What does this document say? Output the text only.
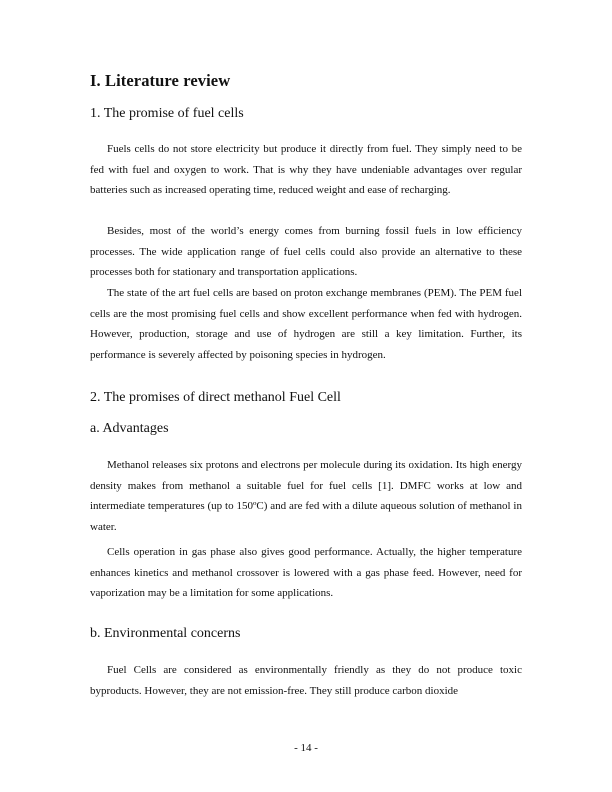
I. Literature review
1. The promise of fuel cells

Fuels cells do not store electricity but produce it directly from fuel. They simply need to be fed with fuel and oxygen to work. That is why they have undeniable advantages over regular batteries such as increased operating time, reduced weight and ease of recharging.

Besides, most of the world’s energy comes from burning fossil fuels in low efficiency processes. The wide application range of fuel cells could also provide an alternative to these processes both for stationary and transportation applications.

The state of the art fuel cells are based on proton exchange membranes (PEM). The PEM fuel cells are the most promising fuel cells and show excellent performance when fed with hydrogen. However, production, storage and use of hydrogen are still a key limitation. Further, its performance is severely affected by poisoning species in hydrogen.

2. The promises of direct methanol Fuel Cell
a. Advantages

Methanol releases six protons and electrons per molecule during its oxidation. Its high energy density makes from methanol a suitable fuel for fuel cells [1]. DMFC works at low and intermediate temperatures (up to 150ºC) and are fed with a dilute aqueous solution of methanol in water.

Cells operation in gas phase also gives good performance. Actually, the higher temperature enhances kinetics and methanol crossover is lowered with a gas phase feed. However, need for vaporization may be a limitation for some applications.

b. Environmental concerns

Fuel Cells are considered as environmentally friendly as they do not produce toxic byproducts. However, they are not emission-free. They still produce carbon dioxide

- 14 -
